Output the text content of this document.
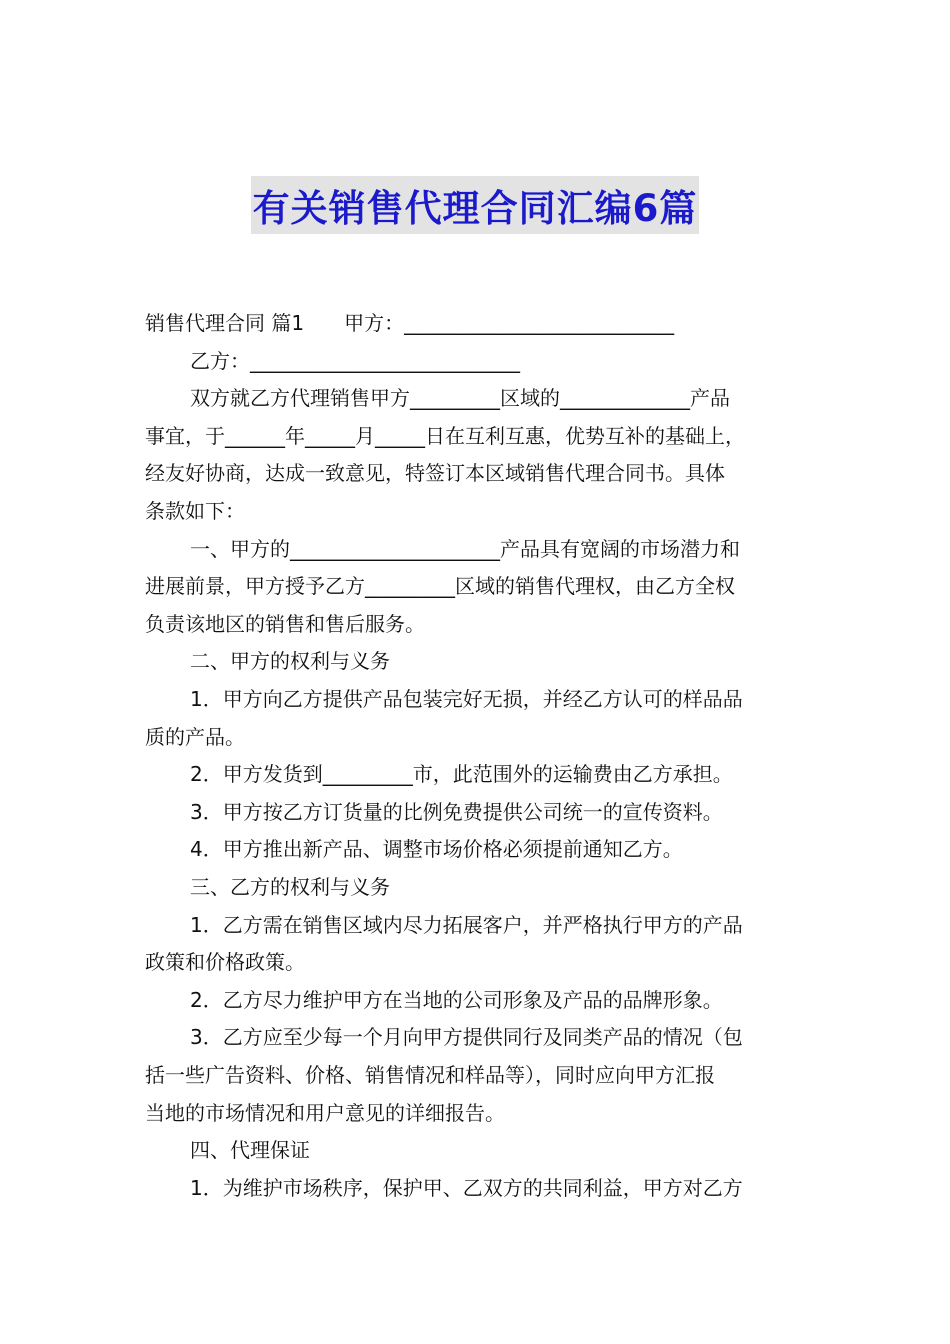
有关销售代理合同汇编6篇
销售代理合同 篇1　　甲方：___________________________
乙方：___________________________
双方就乙方代理销售甲方_________区域的_____________产品
事宜，于______年_____月_____日在互利互惠，优势互补的基础上，
经友好协商，达成一致意见，特签订本区域销售代理合同书。具体
条款如下：
一、甲方的_____________________产品具有宽阔的市场潜力和
进展前景，甲方授予乙方_________区域的销售代理权，由乙方全权
负责该地区的销售和售后服务。
二、甲方的权利与义务
1．甲方向乙方提供产品包装完好无损，并经乙方认可的样品品
质的产品。
2．甲方发货到_________市，此范围外的运输费由乙方承担。
3．甲方按乙方订货量的比例免费提供公司统一的宣传资料。
4．甲方推出新产品、调整市场价格必须提前通知乙方。
三、乙方的权利与义务
1．乙方需在销售区域内尽力拓展客户，并严格执行甲方的产品
政策和价格政策。
2．乙方尽力维护甲方在当地的公司形象及产品的品牌形象。
3．乙方应至少每一个月向甲方提供同行及同类产品的情况（包
括一些广告资料、价格、销售情况和样品等），同时应向甲方汇报
当地的市场情况和用户意见的详细报告。
四、代理保证
1．为维护市场秩序，保护甲、乙双方的共同利益，甲方对乙方
